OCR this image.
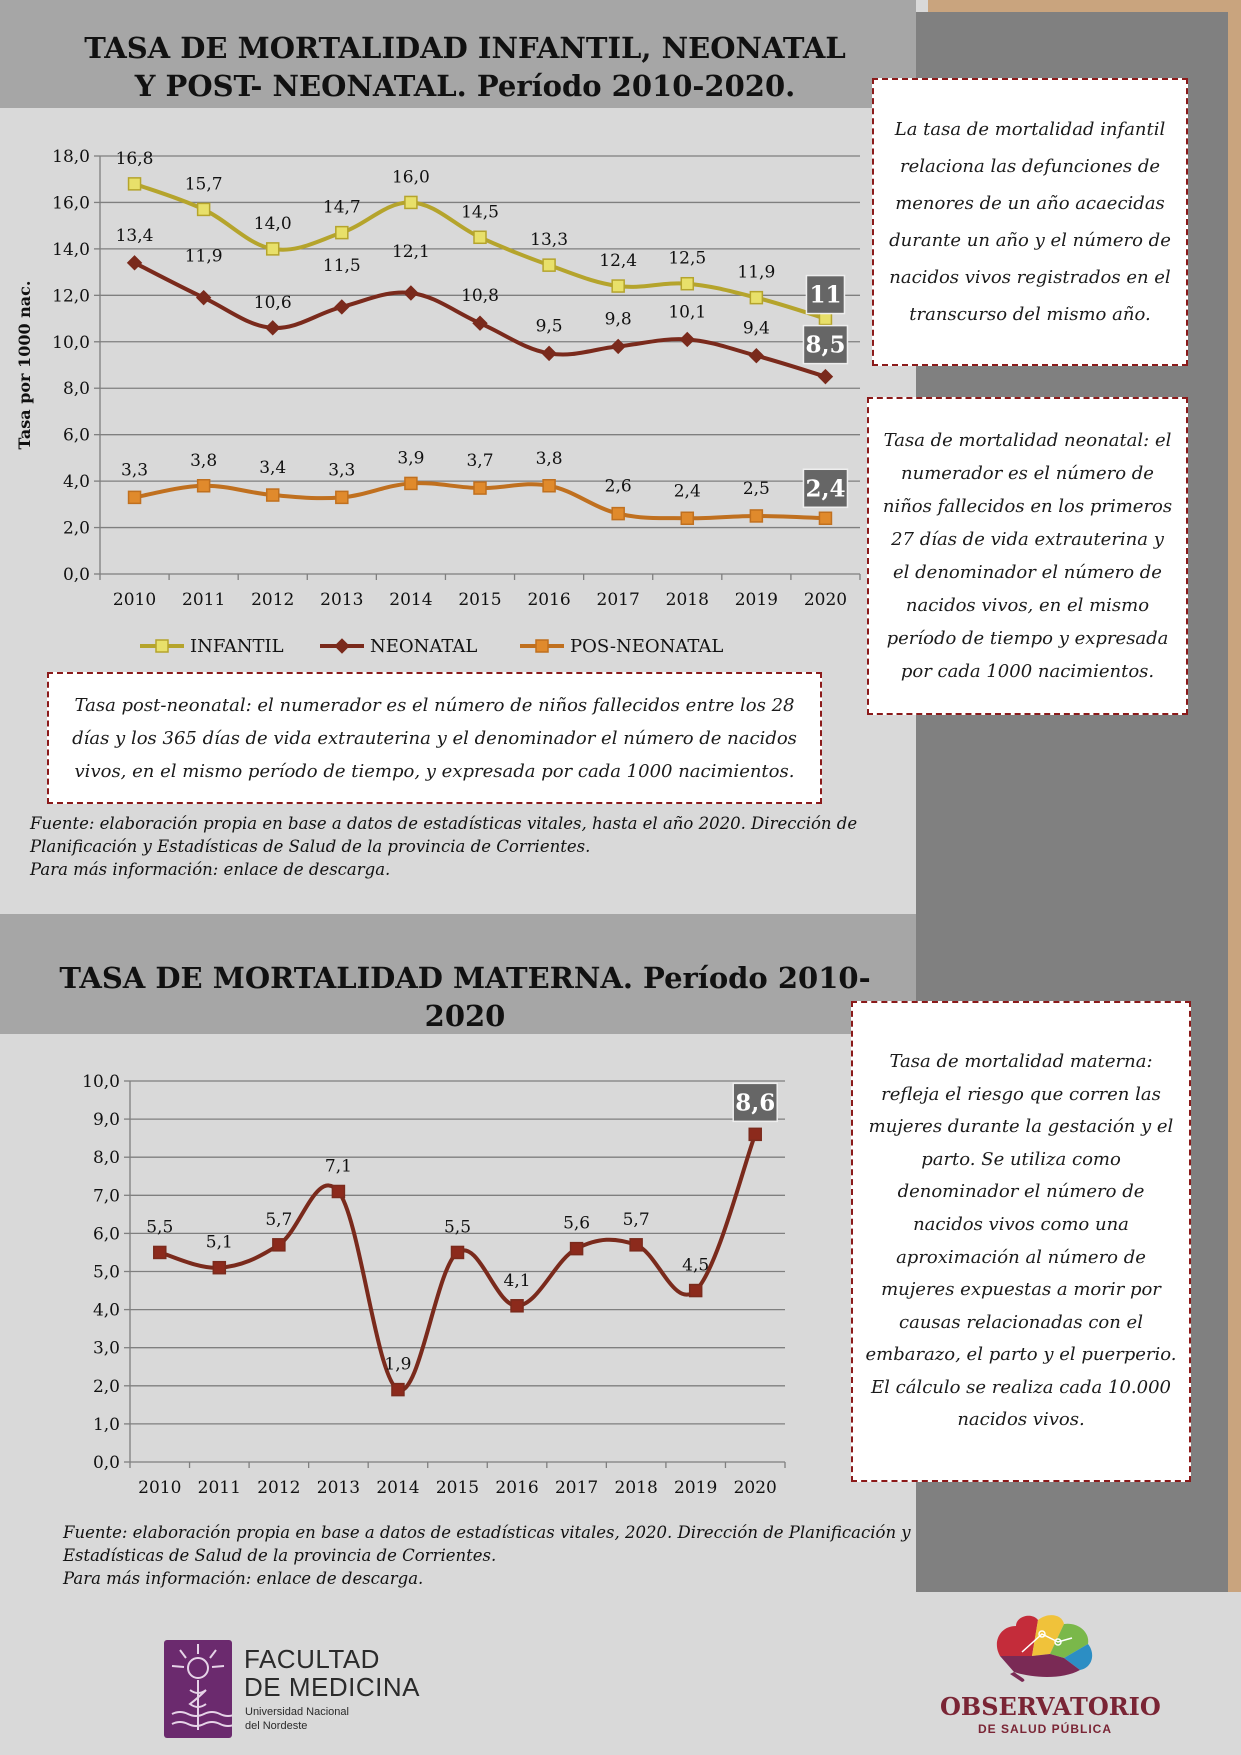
TASA DE MORTALIDAD INFANTIL, NEONATAL
Y POST- NEONATAL. Período 2010-2020.
0,0
2,0
4,0
6,0
8,0
10,0
12,0
14,0
16,0
18,0
2010 2011 2012 2013 2014 2015 2016 2017 2018 2019 2020
Tasa por 1000 nac.
16,8
15,7
14,0
14,7
16,0
14,5
13,3
12,4 12,5
11,9
11
13,4
11,9
10,6
11,5
12,1
10,8
9,5 9,8 10,1
9,4
8,5
3,3 3,8 3,4 3,3
3,9 3,7 3,8
2,6 2,4 2,5 2,4
INFANTIL	NEONATAL	POS-NEONATAL
La tasa de mortalidad infantil relaciona las defunciones de menores de un año acaecidas durante un año y el número de nacidos vivos registrados en el transcurso del mismo año.
Tasa de mortalidad neonatal: el numerador es el número de niños fallecidos en los primeros 27 días de vida extrauterina y el denominador el número de nacidos vivos, en el mismo período de tiempo y expresada por cada 1000 nacimientos.
Tasa post-neonatal: el numerador es el número de niños fallecidos entre los 28 días y los 365 días de vida extrauterina y el denominador el número de nacidos vivos, en el mismo período de tiempo, y expresada por cada 1000 nacimientos.
Fuente: elaboración propia en base a datos de estadísticas vitales, hasta el año 2020. Dirección de
Planificación y Estadísticas de Salud de la provincia de Corrientes.
Para más información: enlace de descarga.
TASA DE MORTALIDAD MATERNA. Período 2010-2020
0,0
1,0
2,0
3,0
4,0
5,0
6,0
7,0
8,0
9,0
10,0
2010 2011 2012 2013 2014 2015 2016 2017 2018 2019 2020
5,5
5,1
5,7
7,1
1,9
5,5
4,1
5,6 5,7
4,5
8,6
Tasa de mortalidad materna: refleja el riesgo que corren las mujeres durante la gestación y el parto. Se utiliza como denominador el número de nacidos vivos como una aproximación al número de mujeres expuestas a morir por causas relacionadas con el embarazo, el parto y el puerperio. El cálculo se realiza cada 10.000 nacidos vivos.
Fuente: elaboración propia en base a datos de estadísticas vitales, 2020. Dirección de Planificación y
Estadísticas de Salud de la provincia de Corrientes.
Para más información: enlace de descarga.
FACULTAD
DE MEDICINA
Universidad Nacional
del Nordeste
OBSERVATORIO
DE SALUD PÚBLICA
